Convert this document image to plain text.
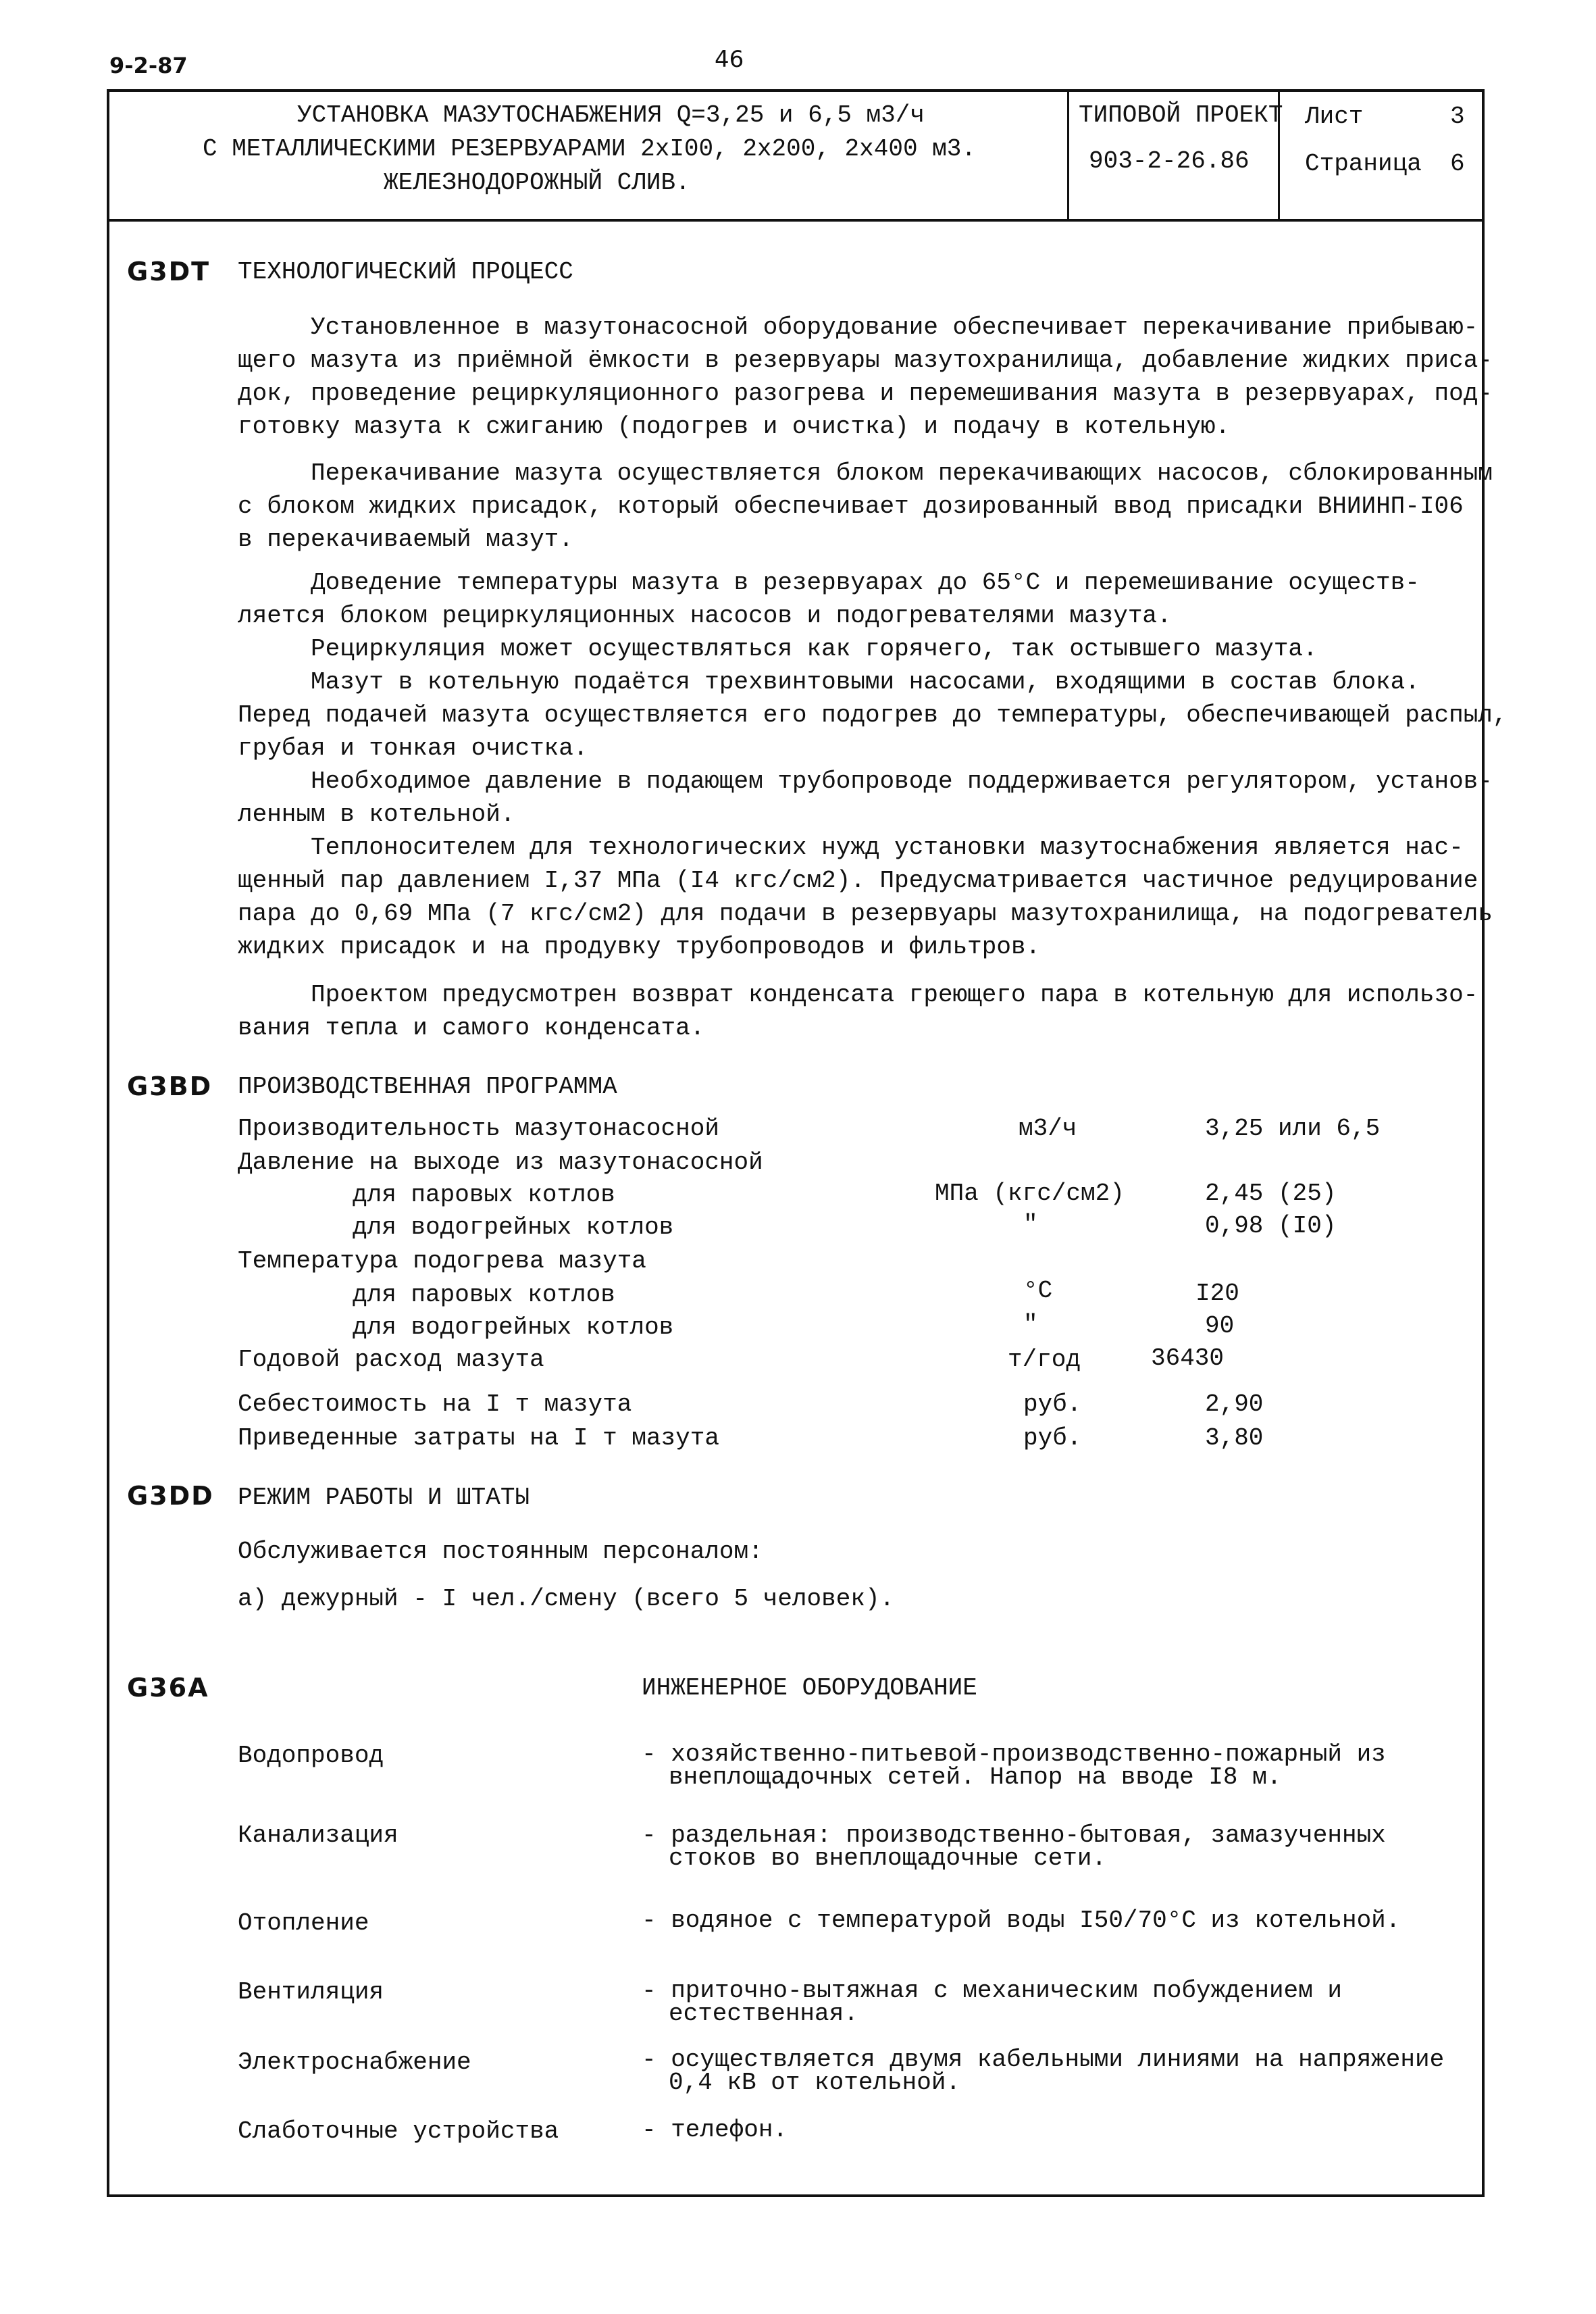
9-2-87	46
УСТАНОВКА МАЗУТОСНАБЖЕНИЯ Q=3,25 и 6,5 м3/ч
С МЕТАЛЛИЧЕСКИМИ РЕЗЕРВУАРАМИ 2хI00, 2х200, 2х400 м3.
ЖЕЛЕЗНОДОРОЖНЫЙ СЛИВ.
ТИПОВОЙ ПРОЕКТ
903-2-26.86
Лист	3
Страница 6
G3DT ТЕХНОЛОГИЧЕСКИЙ ПРОЦЕСС
Установленное в мазутонасосной оборудование обеспечивает перекачивание прибываю-
щего мазута из приёмной ёмкости в резервуары мазутохранилища, добавление жидких приса-
док, проведение рециркуляционного разогрева и перемешивания мазута в резервуарах, под-
готовку мазута к сжиганию (подогрев и очистка) и подачу в котельную.
Перекачивание мазута осуществляется блоком перекачивающих насосов, сблокированным
с блоком жидких присадок, который обеспечивает дозированный ввод присадки ВНИИНП-I06
в перекачиваемый мазут.
Доведение температуры мазута в резервуарах до 65°С и перемешивание осуществ-
ляется блоком рециркуляционных насосов и подогревателями мазута.
Рециркуляция может осуществляться как горячего, так остывшего мазута.
Мазут в котельную подаётся трехвинтовыми насосами, входящими в состав блока.
Перед подачей мазута осуществляется его подогрев до температуры, обеспечивающей распыл,
грубая и тонкая очистка.
Необходимое давление в подающем трубопроводе поддерживается регулятором, установ-
ленным в котельной.
Теплоносителем для технологических нужд установки мазутоснабжения является нас-
щенный пар давлением I,37 МПа (I4 кгс/см2). Предусматривается частичное редуцирование
пара до 0,69 МПа (7 кгс/см2) для подачи в резервуары мазутохранилища, на подогреватель
жидких присадок и на продувку трубопроводов и фильтров.
Проектом предусмотрен возврат конденсата греющего пара в котельную для использо-
вания тепла и самого конденсата.
G3BD ПРОИЗВОДСТВЕННАЯ ПРОГРАММА
Производительность мазутонасосной	м3/ч	3,25 или 6,5
Давление на выходе из мазутонасосной
для паровых котлов	МПа (кгс/см2)	2,45 (25)
для водогрейных котлов	"	0,98 (I0)
Температура подогрева мазута
для паровых котлов	°С	I20
для водогрейных котлов	"	90
Годовой расход мазута	т/год	36430
Себестоимость на I т мазута	руб.	2,90
Приведенные затраты на I т мазута	руб.	3,80
G3DD РЕЖИМ РАБОТЫ И ШТАТЫ
Обслуживается постоянным персоналом:
а) дежурный - I чел./смену (всего 5 человек).
G36A	ИНЖЕНЕРНОЕ ОБОРУДОВАНИЕ
Водопровод	- хозяйственно-питьевой-производственно-пожарный из
внеплощадочных сетей. Напор на вводе I8 м.
Канализация	- раздельная: производственно-бытовая, замазученных
стоков во внеплощадочные сети.
Отопление	- водяное с температурой воды I50/70°С из котельной.
Вентиляция	- приточно-вытяжная с механическим побуждением и
естественная.
Электроснабжение	- осуществляется двумя кабельными линиями на напряжение
0,4 кВ от котельной.
Слаботочные устройства	- телефон.
